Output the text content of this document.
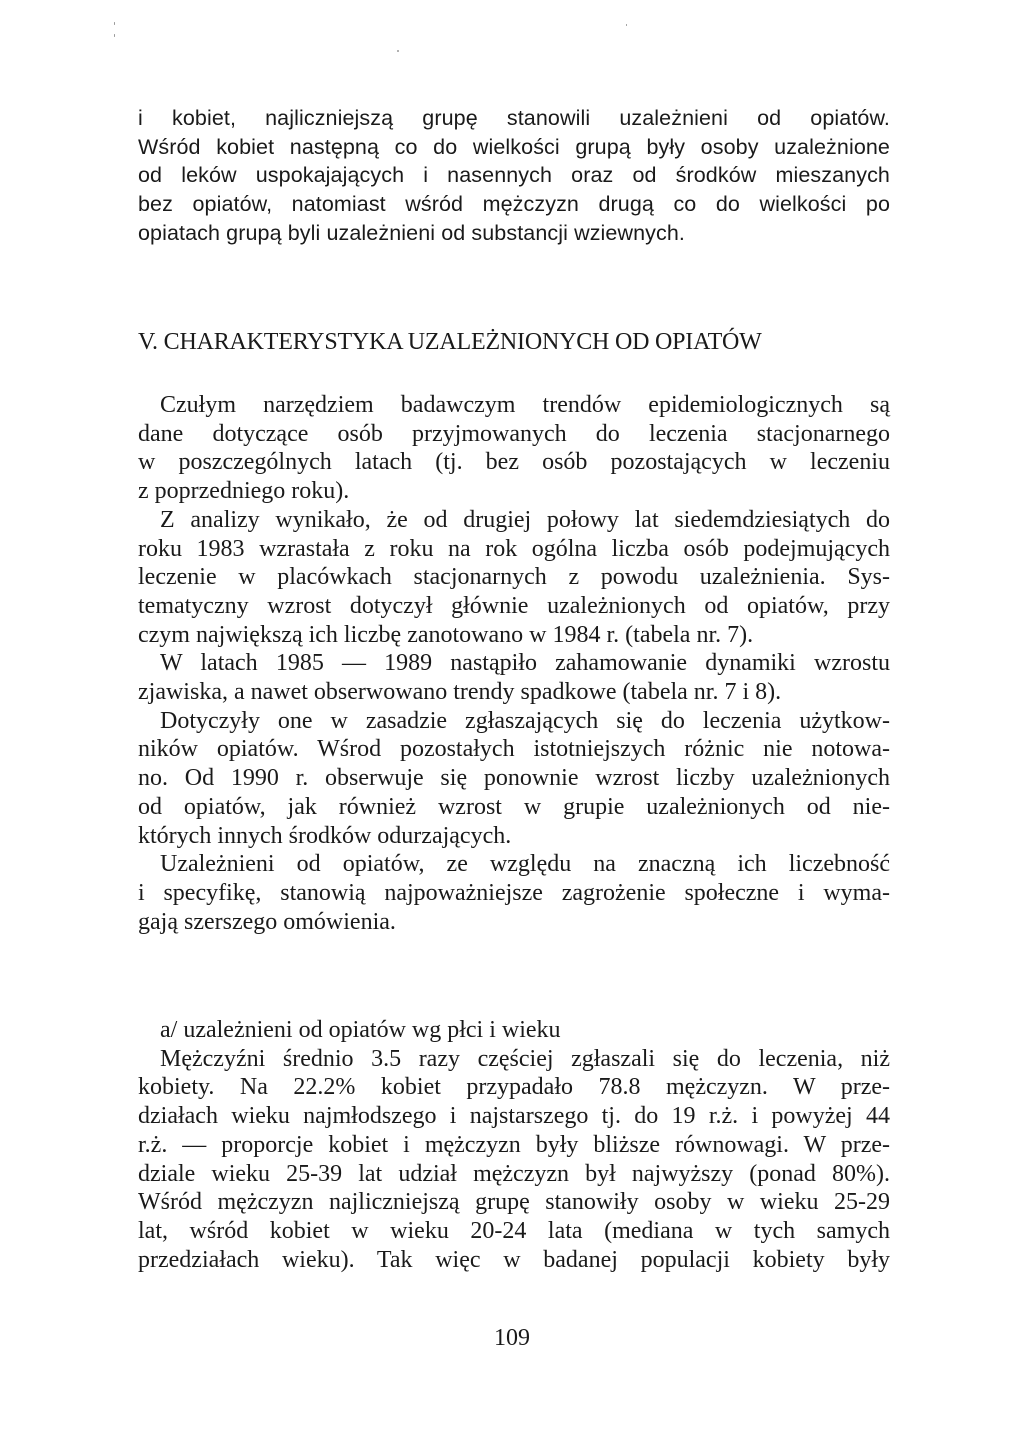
i kobiet, najliczniejszą grupę stanowili uzależnieni od opiatów.
Wśród kobiet następną co do wielkości grupą były osoby uzależnione
od leków uspokajających i nasennych oraz od środków mieszanych
bez opiatów, natomiast wśród mężczyzn drugą co do wielkości po
opiatach grupą byli uzależnieni od substancji wziewnych.
V. CHARAKTERYSTYKA UZALEŻNIONYCH OD OPIATÓW
Czułym narzędziem badawczym trendów epidemiologicznych są
dane dotyczące osób przyjmowanych do leczenia stacjonarnego
w poszczególnych latach (tj. bez osób pozostających w leczeniu
z poprzedniego roku).
Z analizy wynikało, że od drugiej połowy lat siedemdziesiątych do
roku 1983 wzrastała z roku na rok ogólna liczba osób podejmujących
leczenie w placówkach stacjonarnych z powodu uzależnienia. Sys-
tematyczny wzrost dotyczył głównie uzależnionych od opiatów, przy
czym największą ich liczbę zanotowano w 1984 r. (tabela nr. 7).
W latach 1985 — 1989 nastąpiło zahamowanie dynamiki wzrostu
zjawiska, a nawet obserwowano trendy spadkowe (tabela nr. 7 i 8).
Dotyczyły one w zasadzie zgłaszających się do leczenia użytkow-
ników opiatów. Wśrod pozostałych istotniejszych różnic nie notowa-
no. Od 1990 r. obserwuje się ponownie wzrost liczby uzależnionych
od opiatów, jak również wzrost w grupie uzależnionych od nie-
których innych środków odurzających.
Uzależnieni od opiatów, ze względu na znaczną ich liczebność
i specyfikę, stanowią najpoważniejsze zagrożenie społeczne i wyma-
gają szerszego omówienia.
a/ uzależnieni od opiatów wg płci i wieku
Mężczyźni średnio 3.5 razy częściej zgłaszali się do leczenia, niż
kobiety. Na 22.2% kobiet przypadało 78.8 mężczyzn. W prze-
działach wieku najmłodszego i najstarszego tj. do 19 r.ż. i powyżej 44
r.ż. — proporcje kobiet i mężczyzn były bliższe równowagi. W prze-
dziale wieku 25-39 lat udział mężczyzn był najwyższy (ponad 80%).
Wśród mężczyzn najliczniejszą grupę stanowiły osoby w wieku 25-29
lat, wśród kobiet w wieku 20-24 lata (mediana w tych samych
przedziałach wieku). Tak więc w badanej populacji kobiety były
109
